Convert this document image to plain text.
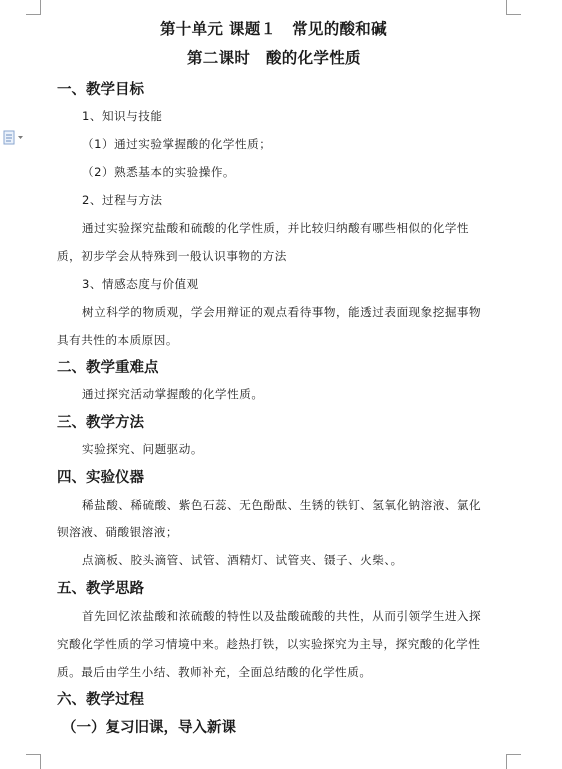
第十单元 课题１　常见的酸和碱
第二课时　酸的化学性质
一、教学目标
1、知识与技能
（1）通过实验掌握酸的化学性质；
（2）熟悉基本的实验操作。
2、过程与方法
通过实验探究盐酸和硫酸的化学性质，并比较归纳酸有哪些相似的化学性
质，初步学会从特殊到一般认识事物的方法
3、情感态度与价值观
树立科学的物质观，学会用辩证的观点看待事物，能透过表面现象挖掘事物
具有共性的本质原因。
二、教学重难点
通过探究活动掌握酸的化学性质。
三、教学方法
实验探究、问题驱动。
四、实验仪器
稀盐酸、稀硫酸、紫色石蕊、无色酚酞、生锈的铁钉、氢氧化钠溶液、氯化
钡溶液、硝酸银溶液；
点滴板、胶头滴管、试管、酒精灯、试管夹、镊子、火柴、。
五、教学思路
首先回忆浓盐酸和浓硫酸的特性以及盐酸硫酸的共性，从而引领学生进入探
究酸化学性质的学习情境中来。趁热打铁，以实验探究为主导，探究酸的化学性
质。最后由学生小结、教师补充，全面总结酸的化学性质。
六、教学过程
（一）复习旧课，导入新课
